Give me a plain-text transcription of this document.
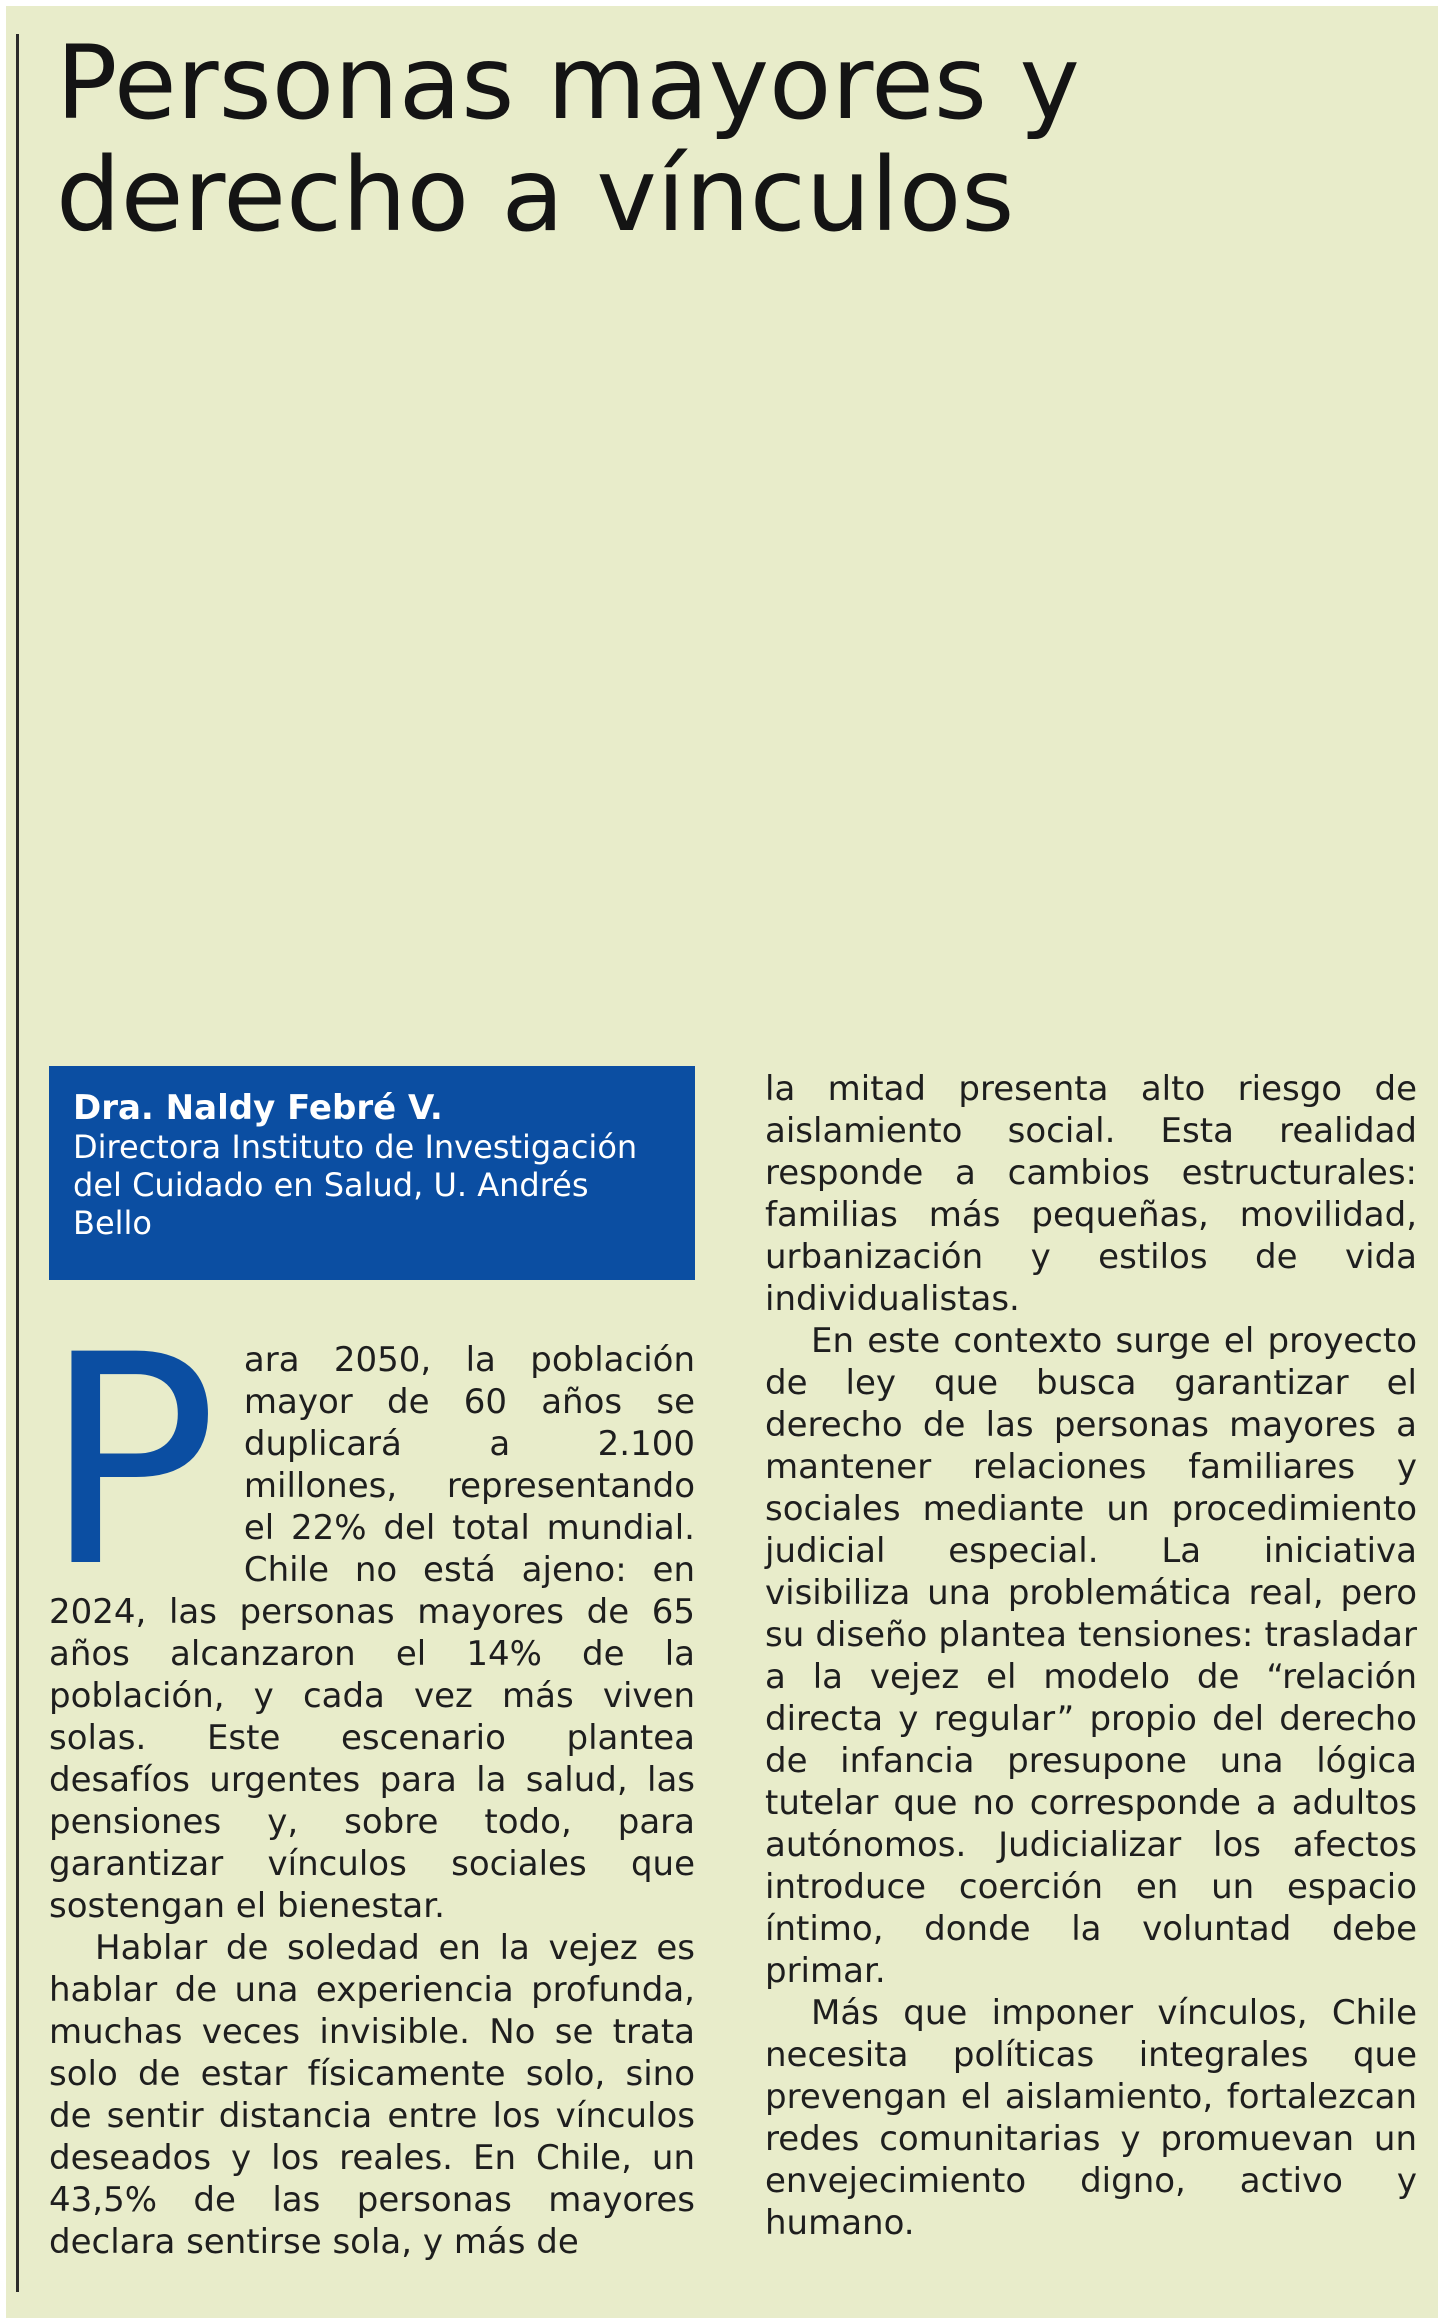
Personas mayores y derecho a vínculos
Dra. Naldy Febré V.
Directora Instituto de Investigación del Cuidado en Salud, U. Andrés Bello
P ara 2050, la población mayor de 60 años se duplicará a 2.100 millones, representando el 22% del total mundial. Chile no está ajeno: en 2024, las personas mayores de 65 años alcanzaron el 14% de la población, y cada vez más viven solas. Este escenario plantea desafíos urgentes para la salud, las pensiones y, sobre todo, para garantizar vínculos sociales que sostengan el bienestar.

Hablar de soledad en la vejez es hablar de una experiencia profunda, muchas veces invisible. No se trata solo de estar físicamente solo, sino de sentir distancia entre los vínculos deseados y los reales. En Chile, un 43,5% de las personas mayores declara sentirse sola, y más de

la mitad presenta alto riesgo de aislamiento social. Esta realidad responde a cambios estructurales: familias más pequeñas, movilidad, urbanización y estilos de vida individualistas.

En este contexto surge el proyecto de ley que busca garantizar el derecho de las personas mayores a mantener relaciones familiares y sociales mediante un procedimiento judicial especial. La iniciativa visibiliza una problemática real, pero su diseño plantea tensiones: trasladar a la vejez el modelo de “relación directa y regular” propio del derecho de infancia presupone una lógica tutelar que no corresponde a adultos autónomos. Judicializar los afectos introduce coerción en un espacio íntimo, donde la voluntad debe primar.

Más que imponer vínculos, Chile necesita políticas integrales que prevengan el aislamiento, fortalezcan redes comunitarias y promuevan un envejecimiento digno, activo y humano.
